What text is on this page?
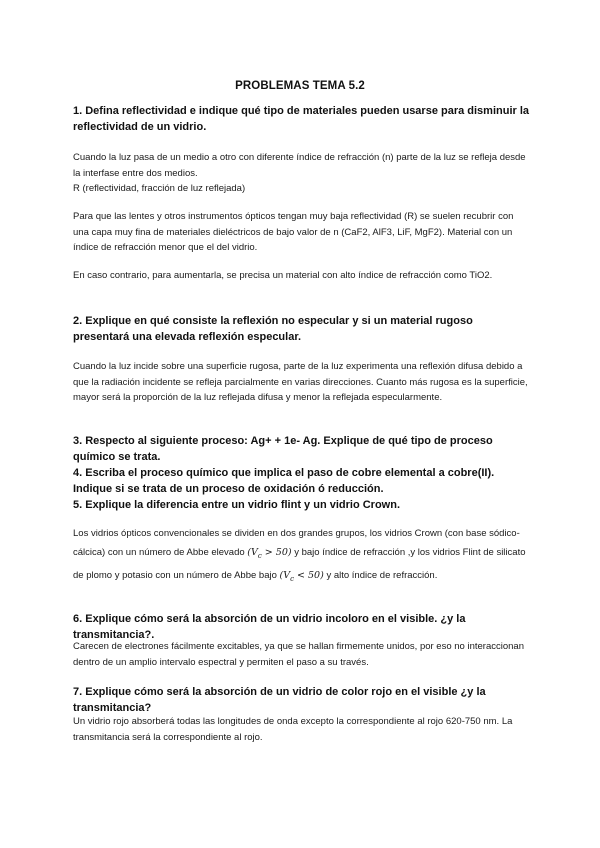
PROBLEMAS TEMA 5.2

1. Defina reflectividad e indique qué tipo de materiales pueden usarse para disminuir la reflectividad de un vidrio.

Cuando la luz pasa de un medio a otro con diferente índice de refracción (n) parte de la luz se refleja desde la interfase entre dos medios.

R (reflectividad, fracción de luz reflejada)

Para que las lentes y otros instrumentos ópticos tengan muy baja reflectividad (R) se suelen recubrir con una capa muy fina de materiales dieléctricos de bajo valor de n (CaF2, AlF3, LiF, MgF2). Material con un índice de refracción menor que el del vidrio.

En caso contrario, para aumentarla, se precisa un material con alto índice de refracción como TiO2.

2. Explique en qué consiste la reflexión no especular y si un material rugoso presentará una elevada reflexión especular.

Cuando la luz incide sobre una superficie rugosa, parte de la luz experimenta una reflexión difusa debido a que la radiación incidente se refleja parcialmente en varias direcciones. Cuanto más rugosa es la superficie, mayor será la proporción de la luz reflejada difusa y menor la reflejada especularmente.

3. Respecto al siguiente proceso: Ag+ + 1e- Ag. Explique de qué tipo de proceso químico se trata.

4. Escriba el proceso químico que implica el paso de cobre elemental a cobre(II). Indique si se trata de un proceso de oxidación ó reducción.

5. Explique la diferencia entre un vidrio flint y un vidrio Crown.

Los vidrios ópticos convencionales se dividen en dos grandes grupos, los vidrios Crown (con base sódico-cálcica) con un número de Abbe elevado $(V_c > 50)$ y bajo índice de refracción ,y los vidrios Flint de silicato de plomo y potasio con un número de Abbe bajo $(V_c < 50)$ y alto índice de refracción.

6. Explique cómo será la absorción de un vidrio incoloro en el visible. ¿y la transmitancia?.

Carecen de electrones fácilmente excitables, ya que se hallan firmemente unidos, por eso no interaccionan dentro de un amplio intervalo espectral y permiten el paso a su través.

7. Explique cómo será la absorción de un vidrio de color rojo en el visible ¿y la transmitancia?

Un vidrio rojo absorberá todas las longitudes de onda excepto la correspondiente al rojo 620-750 nm. La transmitancia será la correspondiente al rojo.
